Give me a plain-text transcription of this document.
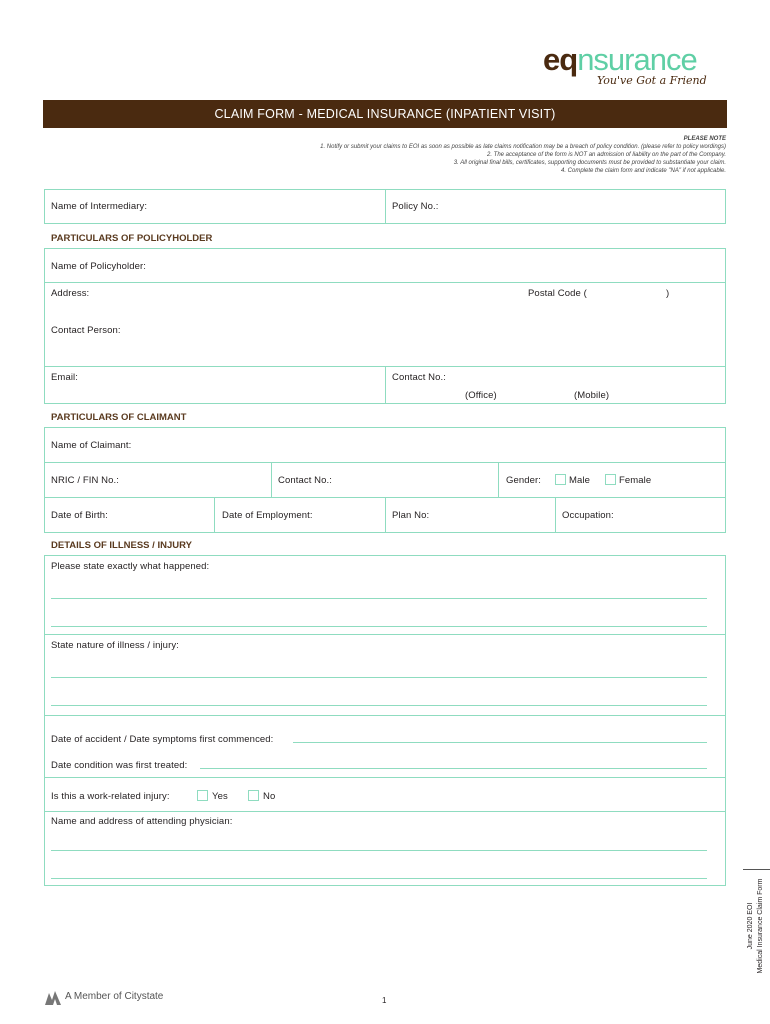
eqnsurance
You've Got a Friend
CLAIM FORM - MEDICAL INSURANCE (INPATIENT VISIT)
PLEASE NOTE
1. Notify or submit your claims to EOI as soon as possible as late claims notification may be a breach of policy condition. (please refer to policy wordings)
2. The acceptance of the form is NOT an admission of liability on the part of the Company.
3. All original final bills, certificates, supporting documents must be provided to substantiate your claim.
4. Complete the claim form and indicate "NA" if not applicable.
Name of Intermediary:	Policy No.:
PARTICULARS OF POLICYHOLDER
Name of Policyholder:
Address:	Postal Code (	)
Contact Person:
Email:	Contact No.:
(Office)	(Mobile)
PARTICULARS OF CLAIMANT
Name of Claimant:
NRIC / FIN No.:	Contact No.:	Gender:	Male	Female
Date of Birth:	Date of Employment:	Plan No:	Occupation:
DETAILS OF ILLNESS / INJURY
Please state exactly what happened:
State nature of illness / injury:
Date of accident / Date symptoms first commenced:
Date condition was first treated:
Is this a work-related injury:	Yes	No
Name and address of attending physician:
June 2020 EOI Medical Insurance Claim Form
A Member of Citystate	1
